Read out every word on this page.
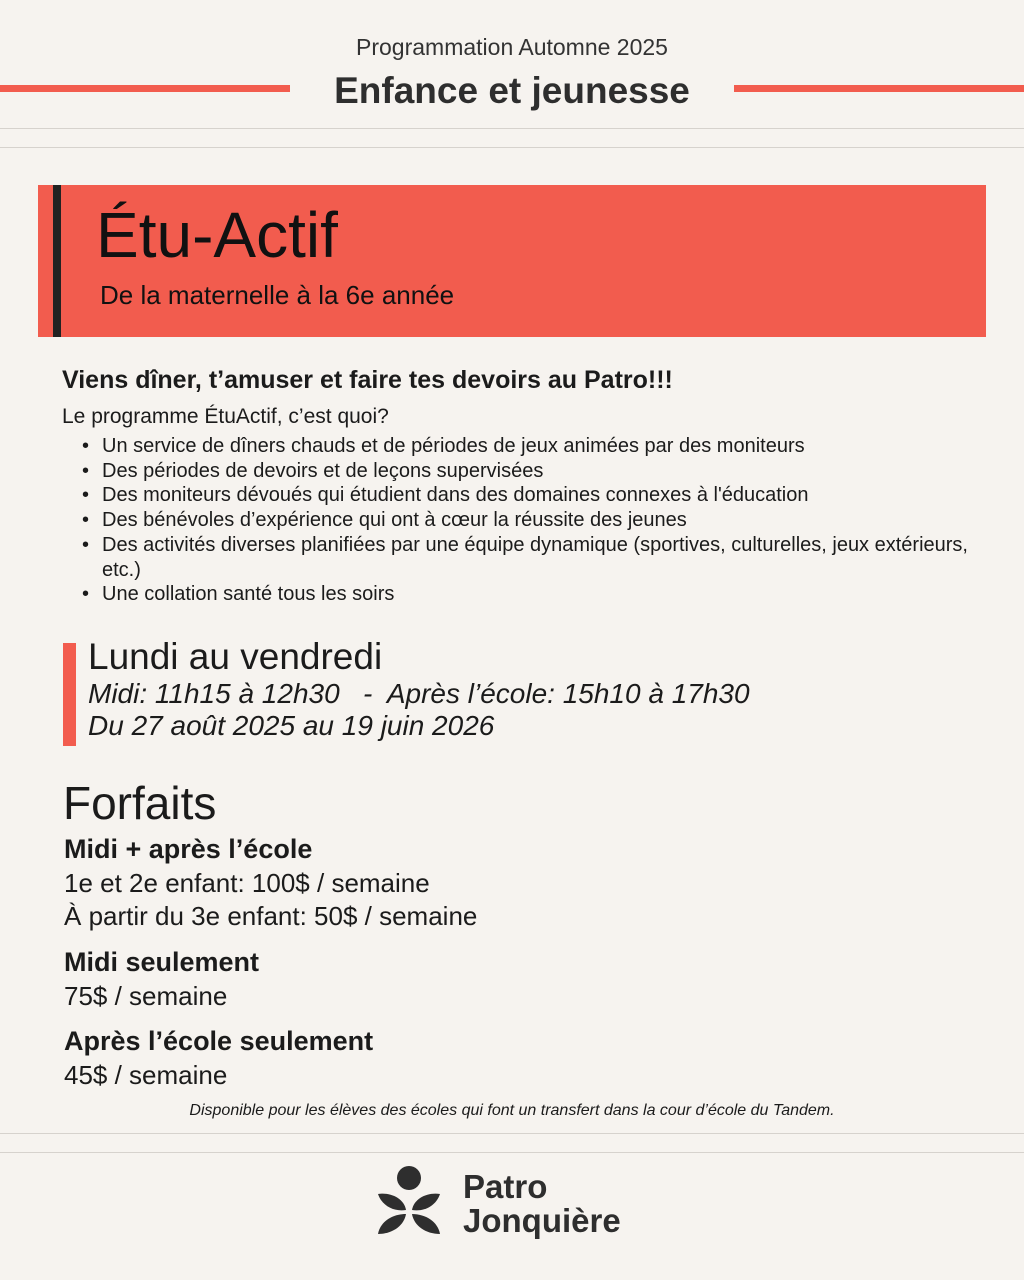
Programmation Automne 2025
Enfance et jeunesse
Étu-Actif
De la maternelle à la 6e année
Viens dîner, t’amuser et faire tes devoirs au Patro!!!
Le programme ÉtuActif, c’est quoi?
• Un service de dîners chauds et de périodes de jeux animées par des moniteurs
• Des périodes de devoirs et de leçons supervisées
• Des moniteurs dévoués qui étudient dans des domaines connexes à l'éducation
• Des bénévoles d’expérience qui ont à cœur la réussite des jeunes
• Des activités diverses planifiées par une équipe dynamique (sportives, culturelles, jeux extérieurs, etc.)
• Une collation santé tous les soirs
Lundi au vendredi
Midi: 11h15 à 12h30   -  Après l’école: 15h10 à 17h30
Du 27 août 2025 au 19 juin 2026
Forfaits
Midi + après l’école
1e et 2e enfant: 100$ / semaine
À partir du 3e enfant: 50$ / semaine
Midi seulement
75$ / semaine
Après l’école seulement
45$ / semaine
Disponible pour les élèves des écoles qui font un transfert dans la cour d’école du Tandem.
Patro
Jonquière
